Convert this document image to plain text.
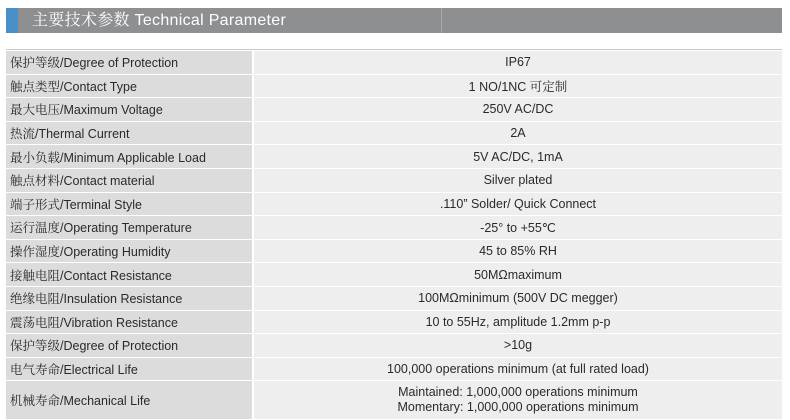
主要技术参数 Technical Parameter
保护等级/Degree of Protection	IP67
触点类型/Contact Type	1 NO/1NC 可定制
最大电压/Maximum Voltage	250V AC/DC
热流/Thermal Current	2A
最小负载/Minimum Applicable Load	5V AC/DC, 1mA
触点材料/Contact material	Silver plated
端子形式/Terminal Style	.110” Solder/ Quick Connect
运行温度/Operating Temperature	-25° to +55℃
操作湿度/Operating Humidity	45 to 85% RH
接触电阻/Contact Resistance	50MΩmaximum
绝缘电阻/Insulation Resistance	100MΩminimum (500V DC megger)
震荡电阻/Vibration Resistance	10 to 55Hz, amplitude 1.2mm p-p
保护等级/Degree of Protection	>10g
电气寿命/Electrical Life	100,000 operations minimum (at full rated load)
机械寿命/Mechanical Life	Maintained: 1,000,000 operations minimum
Momentary: 1,000,000 operations minimum
